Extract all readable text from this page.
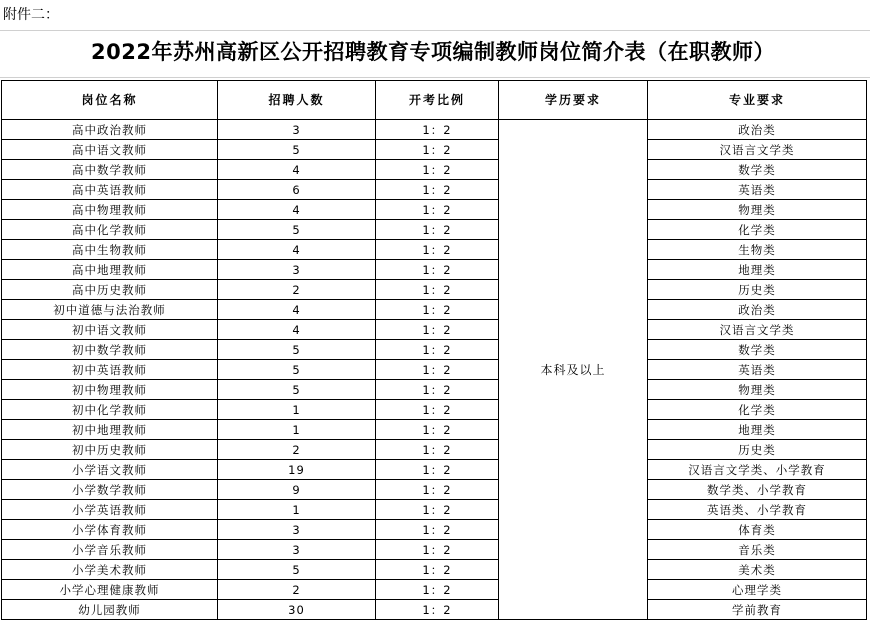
附件二：
2022年苏州高新区公开招聘教育专项编制教师岗位简介表（在职教师）
岗位名称	招聘人数	开考比例	学历要求	专业要求
高中政治教师	3	1：2	本科及以上	政治类
高中语文教师	5	1：2		汉语言文学类
高中数学教师	4	1：2		数学类
高中英语教师	6	1：2		英语类
高中物理教师	4	1：2		物理类
高中化学教师	5	1：2		化学类
高中生物教师	4	1：2		生物类
高中地理教师	3	1：2		地理类
高中历史教师	2	1：2		历史类
初中道德与法治教师	4	1：2		政治类
初中语文教师	4	1：2		汉语言文学类
初中数学教师	5	1：2		数学类
初中英语教师	5	1：2		英语类
初中物理教师	5	1：2		物理类
初中化学教师	1	1：2		化学类
初中地理教师	1	1：2		地理类
初中历史教师	2	1：2		历史类
小学语文教师	19	1：2		汉语言文学类、小学教育
小学数学教师	9	1：2		数学类、小学教育
小学英语教师	1	1：2		英语类、小学教育
小学体育教师	3	1：2		体育类
小学音乐教师	3	1：2		音乐类
小学美术教师	5	1：2		美术类
小学心理健康教师	2	1：2		心理学类
幼儿园教师	30	1：2		学前教育
